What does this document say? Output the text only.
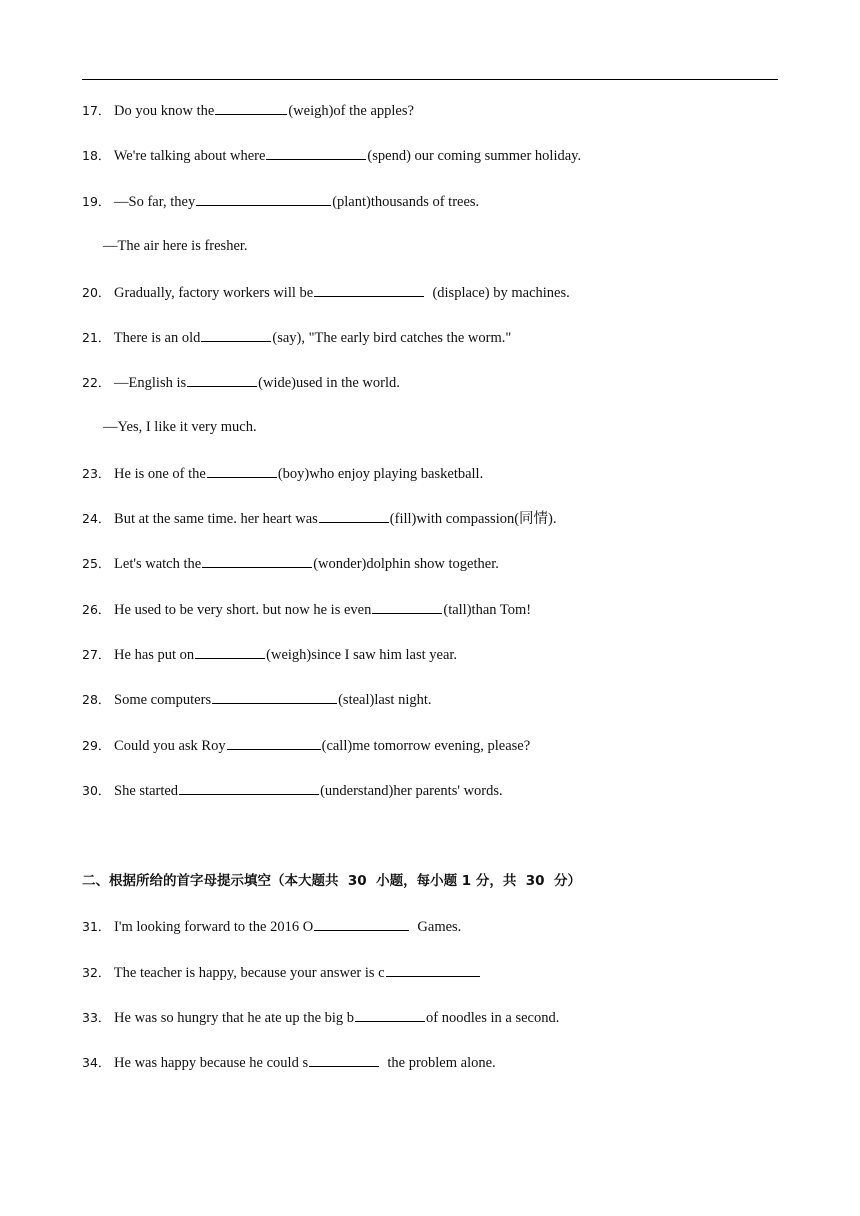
17． Do you know the	(weigh)of the apples?
18． We're talking about where	(spend) our coming summer holiday.
19． —So far, they	(plant)thousands of trees.
—The air here is fresher.
20． Gradually, factory workers will be	(displace) by machines.
21． There is an old	(say), "The early bird catches the worm."
22． —English is	(wide)used in the world.
—Yes, I like it very much.
23． He is one of the	(boy)who enjoy playing basketball.
24． But at the same time. her heart was	(fill)with compassion(同情).
25． Let's watch the	(wonder)dolphin show together.
26． He used to be very short. but now he is even	(tall)than Tom!
27． He has put on	(weigh)since I saw him last year.
28． Some computers	(steal)last night.
29． Could you ask Roy	(call)me tomorrow evening, please?
30． She started	(understand)her parents' words.
二、根据所给的首字母提示填空（本大题共  30  小题，每小题 1 分，共  30  分）
31． I'm looking forward to the 2016 O	Games.
32． The teacher is happy, because your answer is c
33． He was so hungry that he ate up the big b	of noodles in a second.
34． He was happy because he could s	the problem alone.
